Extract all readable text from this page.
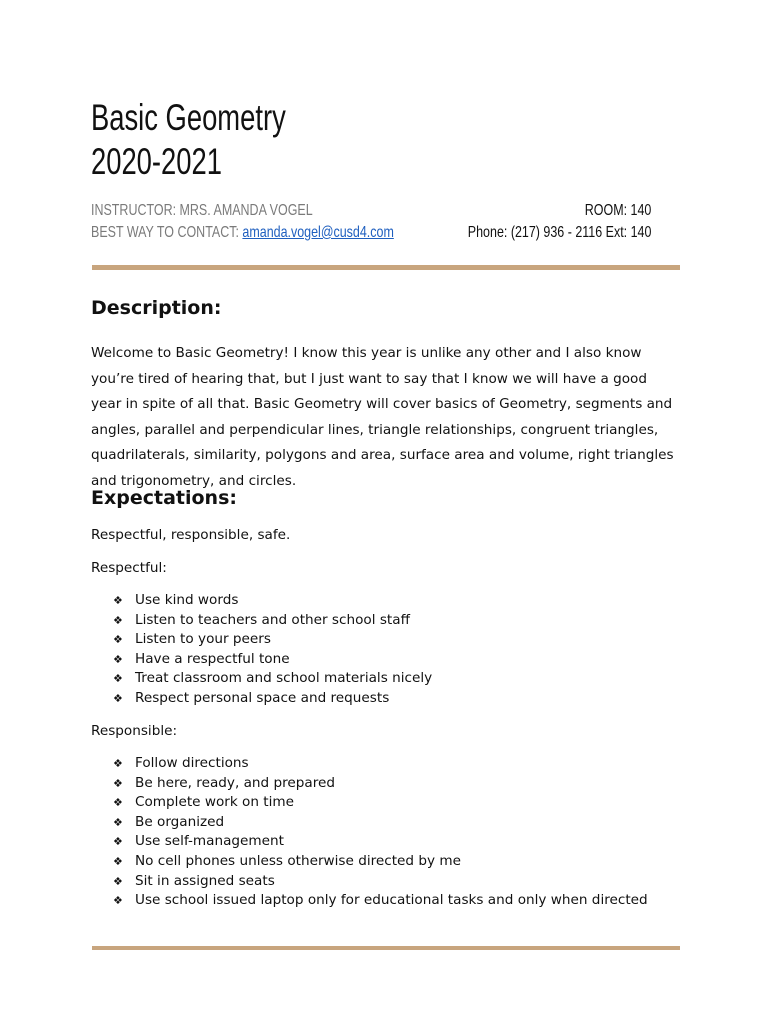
Basic Geometry
2020-2021
INSTRUCTOR: MRS. AMANDA VOGEL	ROOM: 140
BEST WAY TO CONTACT: amanda.vogel@cusd4.com	Phone: (217) 936 - 2116 Ext: 140
Description:

Welcome to Basic Geometry! I know this year is unlike any other and I also know you’re tired of hearing that, but I just want to say that I know we will have a good year in spite of all that. Basic Geometry will cover basics of Geometry, segments and angles, parallel and perpendicular lines, triangle relationships, congruent triangles, quadrilaterals, similarity, polygons and area, surface area and volume, right triangles and trigonometry, and circles.

Expectations:

Respectful, responsible, safe.

Respectful:

❖ Use kind words
❖ Listen to teachers and other school staff
❖ Listen to your peers
❖ Have a respectful tone
❖ Treat classroom and school materials nicely
❖ Respect personal space and requests

Responsible:

❖ Follow directions
❖ Be here, ready, and prepared
❖ Complete work on time
❖ Be organized
❖ Use self-management
❖ No cell phones unless otherwise directed by me
❖ Sit in assigned seats
❖ Use school issued laptop only for educational tasks and only when directed
